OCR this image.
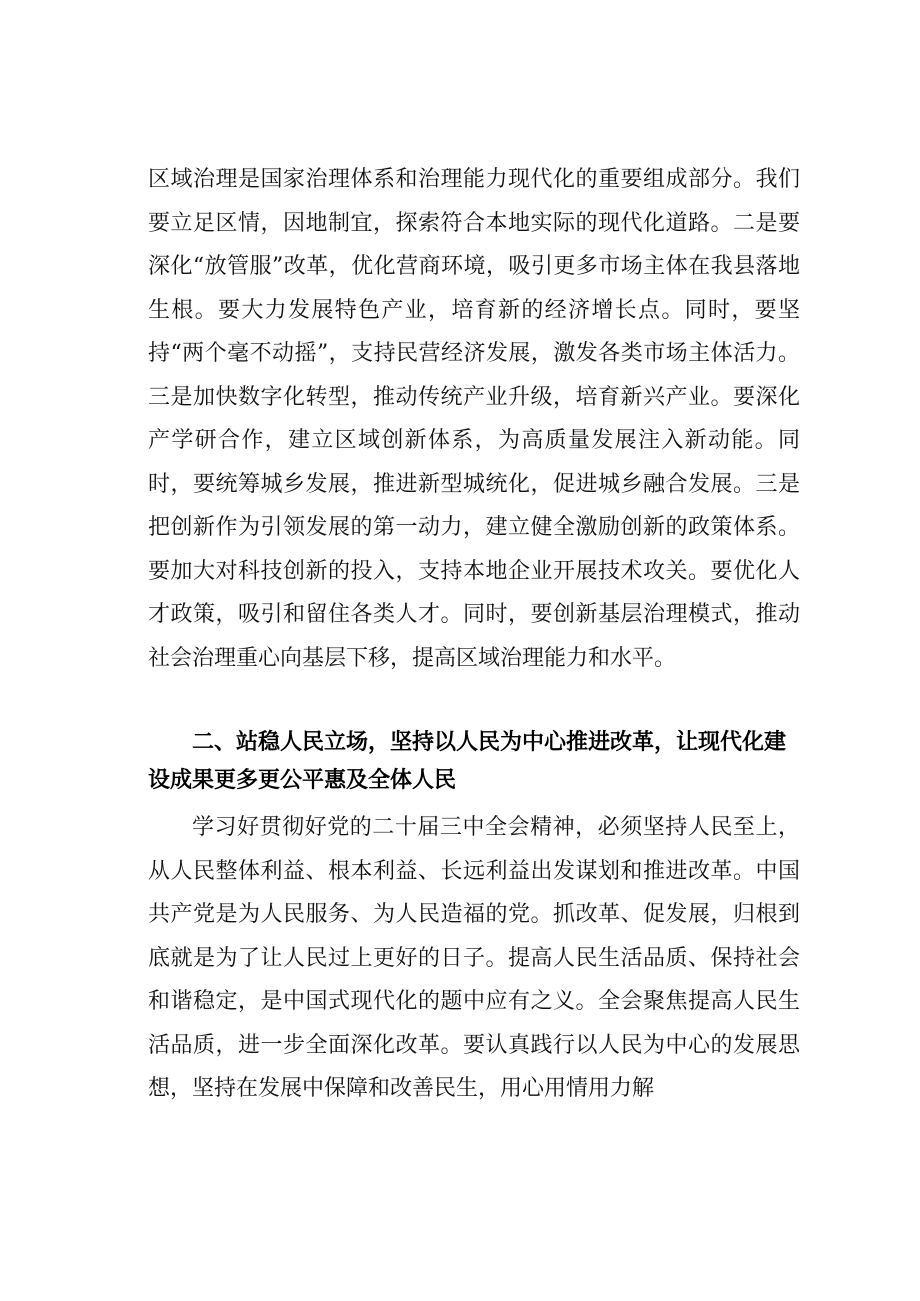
区域治理是国家治理体系和治理能力现代化的重要组成部分。我们要立足区情，因地制宜，探索符合本地实际的现代化道路。二是要深化“放管服”改革，优化营商环境，吸引更多市场主体在我县落地生根。要大力发展特色产业，培育新的经济增长点。同时，要坚持“两个毫不动摇”，支持民营经济发展，激发各类市场主体活力。三是加快数字化转型，推动传统产业升级，培育新兴产业。要深化产学研合作，建立区域创新体系，为高质量发展注入新动能。同时，要统筹城乡发展，推进新型城统化，促进城乡融合发展。三是把创新作为引领发展的第一动力，建立健全激励创新的政策体系。要加大对科技创新的投入，支持本地企业开展技术攻关。要优化人才政策，吸引和留住各类人才。同时，要创新基层治理模式，推动社会治理重心向基层下移，提高区域治理能力和水平。

二、站稳人民立场，坚持以人民为中心推进改革，让现代化建设成果更多更公平惠及全体人民

学习好贯彻好党的二十届三中全会精神，必须坚持人民至上，从人民整体利益、根本利益、长远利益出发谋划和推进改革。中国共产党是为人民服务、为人民造福的党。抓改革、促发展，归根到底就是为了让人民过上更好的日子。提高人民生活品质、保持社会和谐稳定，是中国式现代化的题中应有之义。全会聚焦提高人民生活品质，进一步全面深化改革。要认真践行以人民为中心的发展思想，坚持在发展中保障和改善民生，用心用情用力解
